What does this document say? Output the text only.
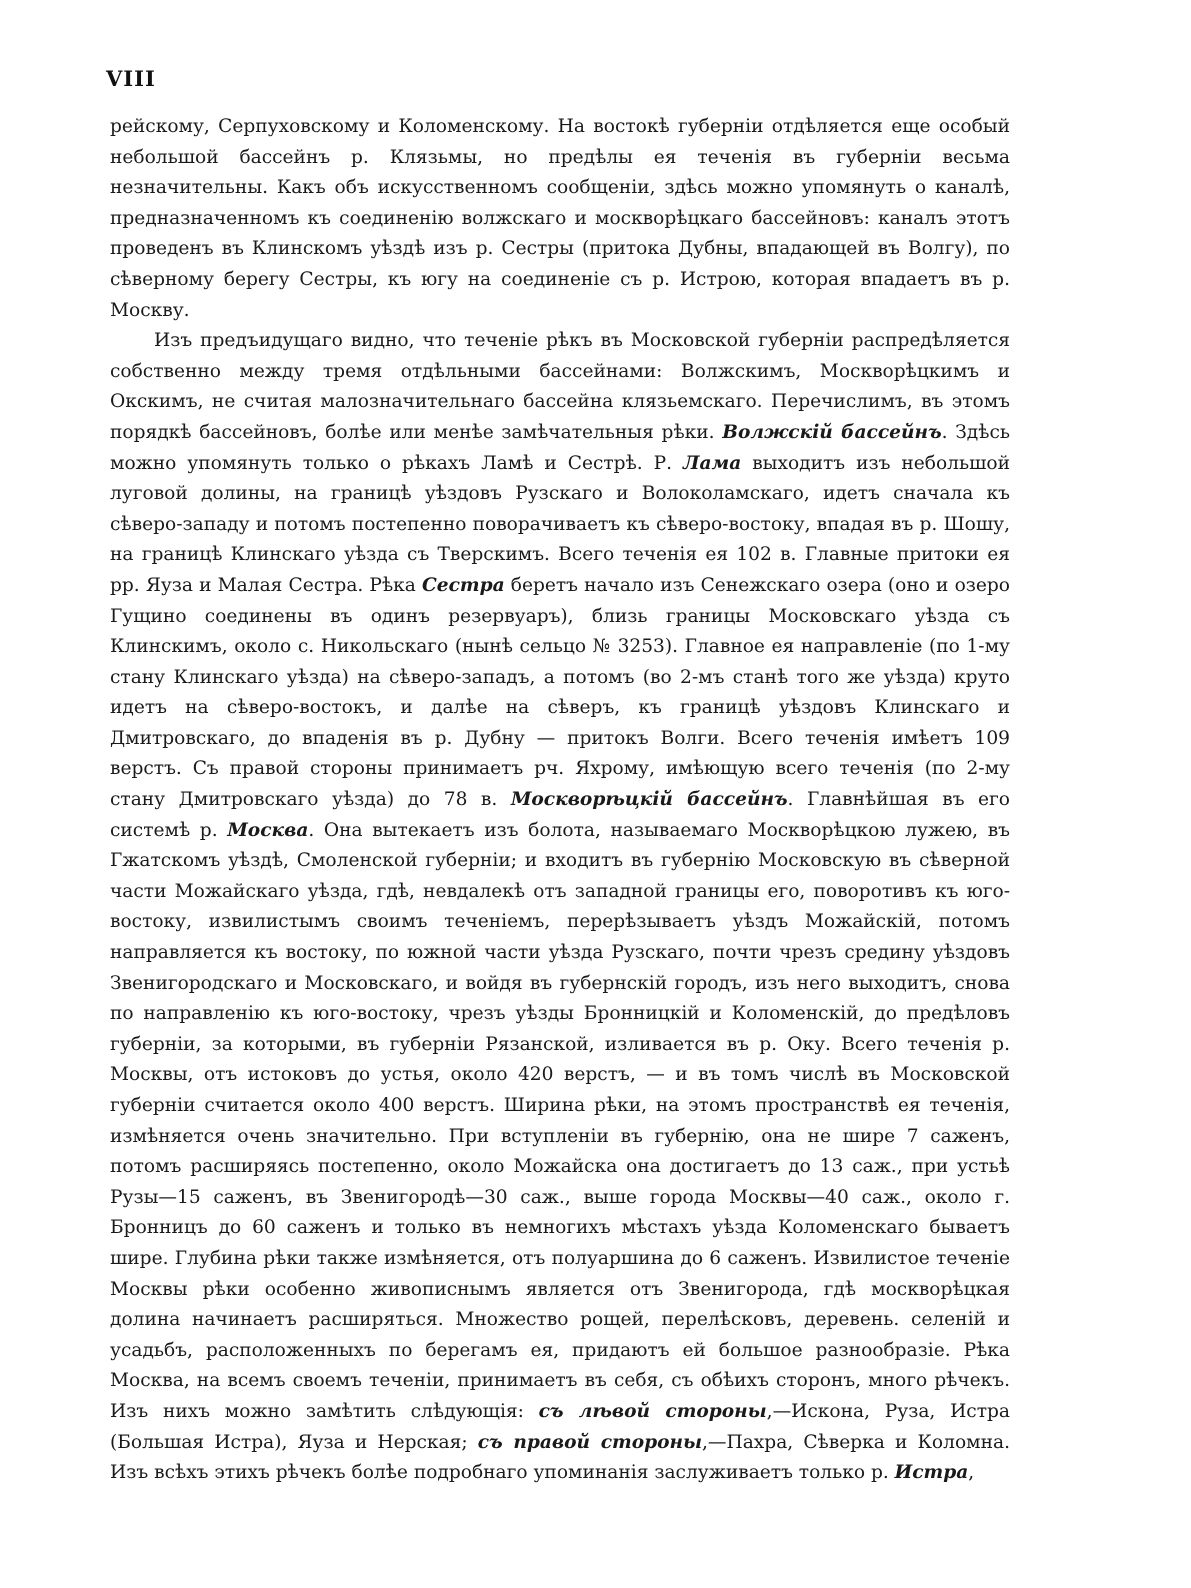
VIII

рейскому, Серпуховскому и Коломенскому. На востокѣ губерніи отдѣляется еще особый небольшой бассейнъ р. Клязьмы, но предѣлы ея теченія въ губерніи весьма незначительны. Какъ объ искусственномъ сообщеніи, здѣсь можно упомянуть о каналѣ, предназначенномъ къ соединенію волжскаго и москворѣцкаго бассейновъ: каналъ этотъ проведенъ въ Клинскомъ уѣздѣ изъ р. Сестры (притока Дубны, впадающей въ Волгу), по сѣверному берегу Сестры, къ югу на соединеніе съ р. Истрою, которая впадаетъ въ р. Москву.

Изъ предъидущаго видно, что теченіе рѣкъ въ Московской губерніи распредѣляется собственно между тремя отдѣльными бассейнами: Волжскимъ, Москворѣцкимъ и Окскимъ, не считая малозначительнаго бассейна клязьемскаго. Перечислимъ, въ этомъ порядкѣ бассейновъ, болѣе или менѣе замѣчательныя рѣки. Волжскій бассейнъ. Здѣсь можно упомянуть только о рѣкахъ Ламѣ и Сестрѣ. Р. Лама выходитъ изъ небольшой луговой долины, на границѣ уѣздовъ Рузскаго и Волоколамскаго, идетъ сначала къ сѣверо-западу и потомъ постепенно поворачиваетъ къ сѣверо-востоку, впадая въ р. Шошу, на границѣ Клинскаго уѣзда съ Тверскимъ. Всего теченія ея 102 в. Главные притоки ея рр. Яуза и Малая Сестра. Рѣка Сестра беретъ начало изъ Сенежскаго озера (оно и озеро Гущино соединены въ одинъ резервуаръ), близь границы Московскаго уѣзда съ Клинскимъ, около с. Никольскаго (нынѣ сельцо № 3253). Главное ея направленіе (по 1-му стану Клинскаго уѣзда) на сѣверо-западъ, а потомъ (во 2-мъ станѣ того же уѣзда) круто идетъ на сѣверо-востокъ, и далѣе на сѣверъ, къ границѣ уѣздовъ Клинскаго и Дмитровскаго, до впаденія въ р. Дубну — притокъ Волги. Всего теченія имѣетъ 109 верстъ. Съ правой стороны принимаетъ рч. Яхрому, имѣющую всего теченія (по 2-му стану Дмитровскаго уѣзда) до 78 в. Москворѣцкій бассейнъ. Главнѣйшая въ его системѣ р. Москва. Она вытекаетъ изъ болота, называемаго Москворѣцкою лужею, въ Гжатскомъ уѣздѣ, Смоленской губерніи; и входитъ въ губернію Московскую въ сѣверной части Можайскаго уѣзда, гдѣ, невдалекѣ отъ западной границы его, поворотивъ къ юго-востоку, извилистымъ своимъ теченіемъ, перерѣзываетъ уѣздъ Можайскій, потомъ направляется къ востоку, по южной части уѣзда Рузскаго, почти чрезъ средину уѣздовъ Звенигородскаго и Московскаго, и войдя въ губернскій городъ, изъ него выходитъ, снова по направленію къ юго-востоку, чрезъ уѣзды Бронницкій и Коломенскій, до предѣловъ губерніи, за которыми, въ губерніи Рязанской, изливается въ р. Оку. Всего теченія р. Москвы, отъ истоковъ до устья, около 420 верстъ, — и въ томъ числѣ въ Московской губерніи считается около 400 верстъ. Ширина рѣки, на этомъ пространствѣ ея теченія, измѣняется очень значительно. При вступленіи въ губернію, она не шире 7 саженъ, потомъ расширяясь постепенно, около Можайска она достигаетъ до 13 саж., при устьѣ Рузы—15 саженъ, въ Звенигородѣ—30 саж., выше города Москвы—40 саж., около г. Бронницъ до 60 саженъ и только въ немногихъ мѣстахъ уѣзда Коломенскаго бываетъ шире. Глубина рѣки также измѣняется, отъ полуаршина до 6 саженъ. Извилистое теченіе Москвы рѣки особенно живописнымъ является отъ Звенигорода, гдѣ москворѣцкая долина начинаетъ расширяться. Множество рощей, перелѣсковъ, деревень. селеній и усадьбъ, расположенныхъ по берегамъ ея, придаютъ ей большое разнообразіе. Рѣка Москва, на всемъ своемъ теченіи, принимаетъ въ себя, съ обѣихъ сторонъ, много рѣчекъ. Изъ нихъ можно замѣтить слѣдующія: съ лѣвой стороны,—Искона, Руза, Истра (Большая Истра), Яуза и Нерская; съ правой стороны,—Пахра, Сѣверка и Коломна. Изъ всѣхъ этихъ рѣчекъ болѣе подробнаго упоминанія заслуживаетъ только р. Истра,
